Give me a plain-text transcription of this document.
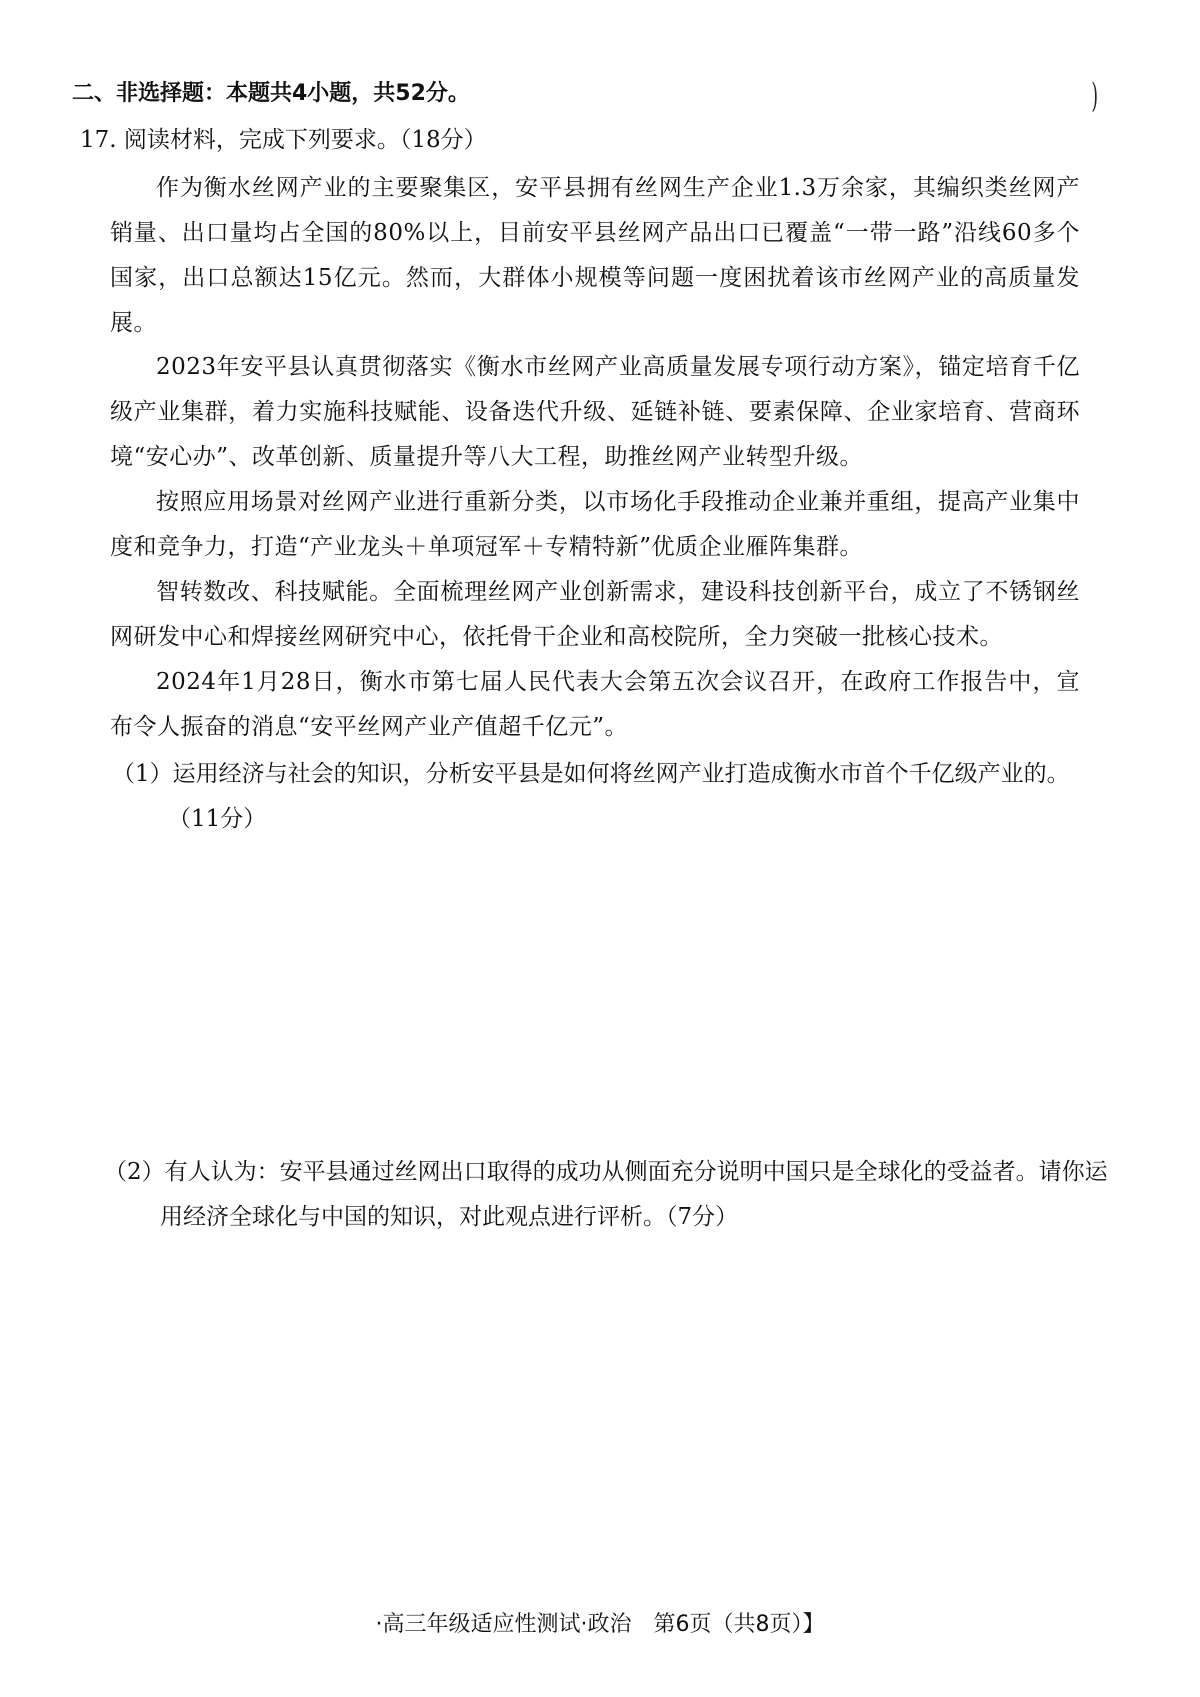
二、非选择题：本题共4小题，共52分。	)
17. 阅读材料，完成下列要求。（18分）
作为衡水丝网产业的主要聚集区，安平县拥有丝网生产企业1.3万余家，其编织类丝网产销量、出口量均占全国的80%以上，目前安平县丝网产品出口已覆盖“一带一路”沿线60多个国家，出口总额达15亿元。然而，大群体小规模等问题一度困扰着该市丝网产业的高质量发展。
2023年安平县认真贯彻落实《衡水市丝网产业高质量发展专项行动方案》，锚定培育千亿级产业集群，着力实施科技赋能、设备迭代升级、延链补链、要素保障、企业家培育、营商环境“安心办”、改革创新、质量提升等八大工程，助推丝网产业转型升级。
按照应用场景对丝网产业进行重新分类，以市场化手段推动企业兼并重组，提高产业集中度和竞争力，打造“产业龙头＋单项冠军＋专精特新”优质企业雁阵集群。
智转数改、科技赋能。全面梳理丝网产业创新需求，建设科技创新平台，成立了不锈钢丝网研发中心和焊接丝网研究中心，依托骨干企业和高校院所，全力突破一批核心技术。
2024年1月28日，衡水市第七届人民代表大会第五次会议召开，在政府工作报告中，宣布令人振奋的消息“安平丝网产业产值超千亿元”。
（1）运用经济与社会的知识，分析安平县是如何将丝网产业打造成衡水市首个千亿级产业的。（11分）
（2）有人认为：安平县通过丝网出口取得的成功从侧面充分说明中国只是全球化的受益者。请你运用经济全球化与中国的知识，对此观点进行评析。（7分）
·高三年级适应性测试·政治　第6页（共8页）】
